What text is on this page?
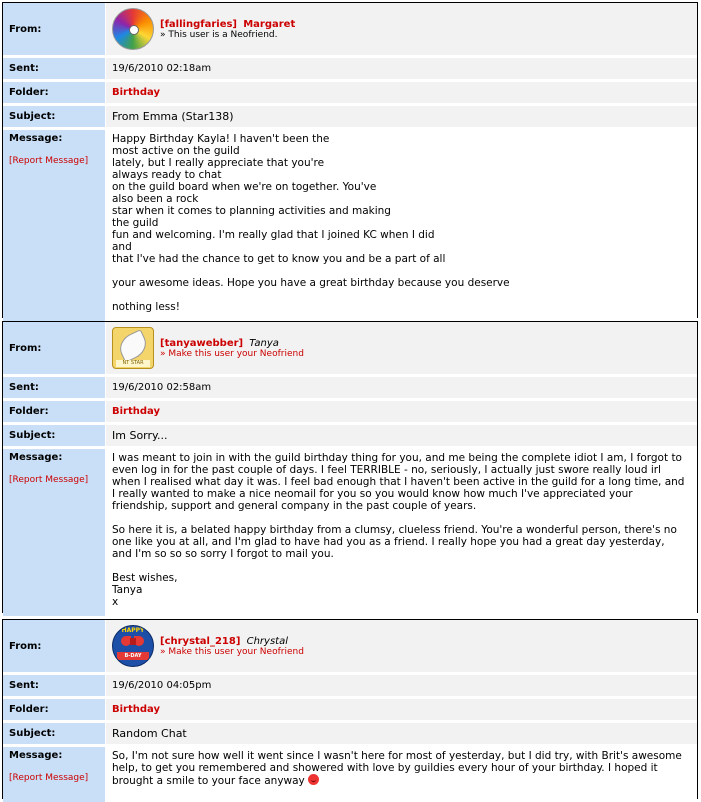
From:	[fallingfaries] Margaret
» This user is a Neofriend.
Sent:	19/6/2010 02:18am
Folder:	Birthday
Subject:	From Emma (Star138)
Message:
[Report Message]

Happy Birthday Kayla! I haven't been the

most active on the guild

lately, but I really appreciate that you're

always ready to chat

on the guild board when we're on together. You've

also been a rock

star when it comes to planning activities and making

the guild

fun and welcoming. I'm really glad that I joined KC when I did

and

that I've had the chance to get to know you and be a part of all

your awesome ideas. Hope you have a great birthday because you deserve

nothing less!

From:
NT STAR
[tanyawebber] Tanya
» Make this user your Neofriend
Sent:	19/6/2010 02:58am
Folder:	Birthday
Subject:	Im Sorry...
Message:
[Report Message]

I was meant to join in with the guild birthday thing for you, and me being the complete idiot I am, I forgot to even log in for the past couple of days. I feel TERRIBLE - no, seriously, I actually just swore really loud irl when I realised what day it was. I feel bad enough that I haven't been active in the guild for a long time, and I really wanted to make a nice neomail for you so you would know how much I've appreciated your friendship, support and general company in the past couple of years.

So here it is, a belated happy birthday from a clumsy, clueless friend. You're a wonderful person, there's no one like you at all, and I'm glad to have had you as a friend. I really hope you had a great day yesterday, and I'm so so so sorry I forgot to mail you.

Best wishes,

Tanya

x

From:
HAPPY
B-DAY
[chrystal_218] Chrystal
» Make this user your Neofriend
Sent:	19/6/2010 04:05pm
Folder:	Birthday
Subject:	Random Chat
Message:
[Report Message]
So, I'm not sure how well it went since I wasn't here for most of yesterday, but I did try, with Brit's awesome help, to get you remembered and showered with love by guildies every hour of your birthday. I hoped it brought a smile to your face anyway
